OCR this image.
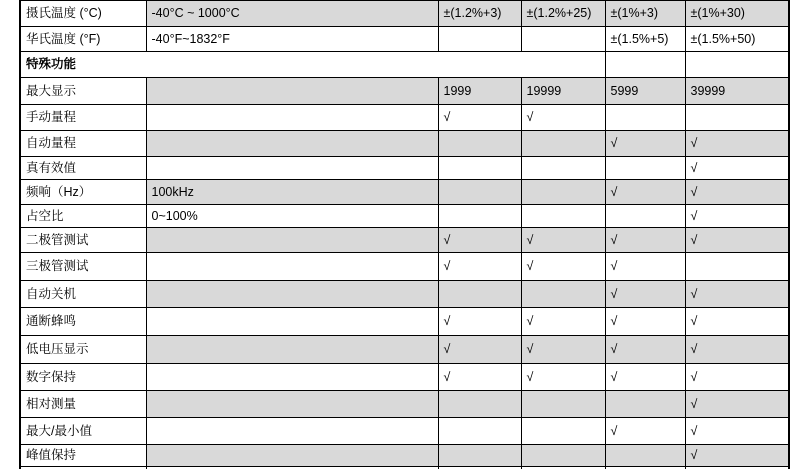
摄氏温度 (°C)	-40°C ~ 1000°C	±(1.2%+3)	±(1.2%+25)	±(1%+3)	±(1%+30)
华氏温度 (°F)	-40°F~1832°F			±(1.5%+5)	±(1.5%+50)
特殊功能					
最大显示		1999	19999	5999	39999
手动量程		√	√		
自动量程				√	√
真有效值					√
频响（Hz）	100kHz			√	√
占空比	0~100%				√
二极管测试		√	√	√	√
三极管测试		√	√	√	
自动关机				√	√
通断蜂鸣		√	√	√	√
低电压显示		√	√	√	√
数字保持		√	√	√	√
相对测量					√
最大/最小值				√	√
峰值保持					√
